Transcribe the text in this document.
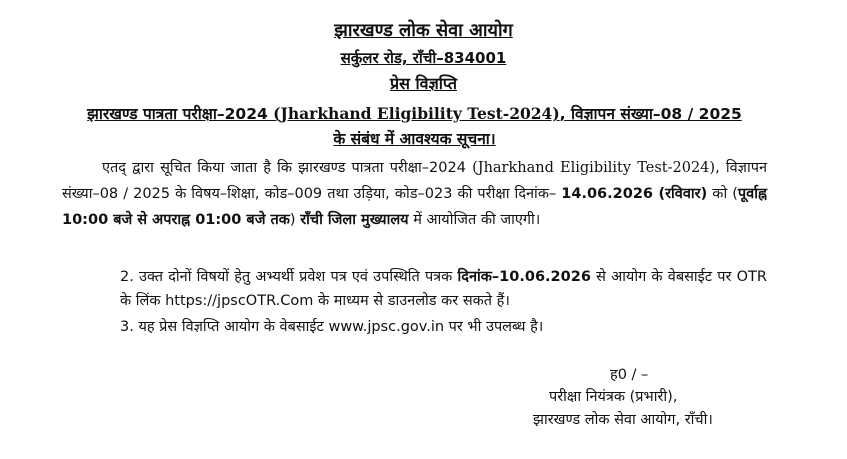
झारखण्ड लोक सेवा आयोग
सर्कुलर रोड, राँची–834001
प्रेस विज्ञप्ति
झारखण्ड पात्रता परीक्षा–2024 (Jharkhand Eligibility Test-2024), विज्ञापन संख्या–08 / 2025
के संबंध में आवश्यक सूचना।
एतद् द्वारा सूचित किया जाता है कि झारखण्ड पात्रता परीक्षा–2024 (Jharkhand Eligibility Test-2024), विज्ञापन संख्या–08 / 2025 के विषय–शिक्षा, कोड–009 तथा उड़िया, कोड–023 की परीक्षा दिनांक– 14.06.2026 (रविवार) को (पूर्वाह्न 10:00 बजे से अपराह्न 01:00 बजे तक) राँची जिला मुख्यालय में आयोजित की जाएगी।
2. उक्त दोनों विषयों हेतु अभ्यर्थी प्रवेश पत्र एवं उपस्थिति पत्रक दिनांक–10.06.2026 से आयोग के वेबसाईट पर OTR के लिंक https://jpscOTR.Com के माध्यम से डाउनलोड कर सकते हैं।
3. यह प्रेस विज्ञप्ति आयोग के वेबसाईट www.jpsc.gov.in पर भी उपलब्ध है।
ह0 / –
परीक्षा नियंत्रक (प्रभारी),
झारखण्ड लोक सेवा आयोग, राँची।
